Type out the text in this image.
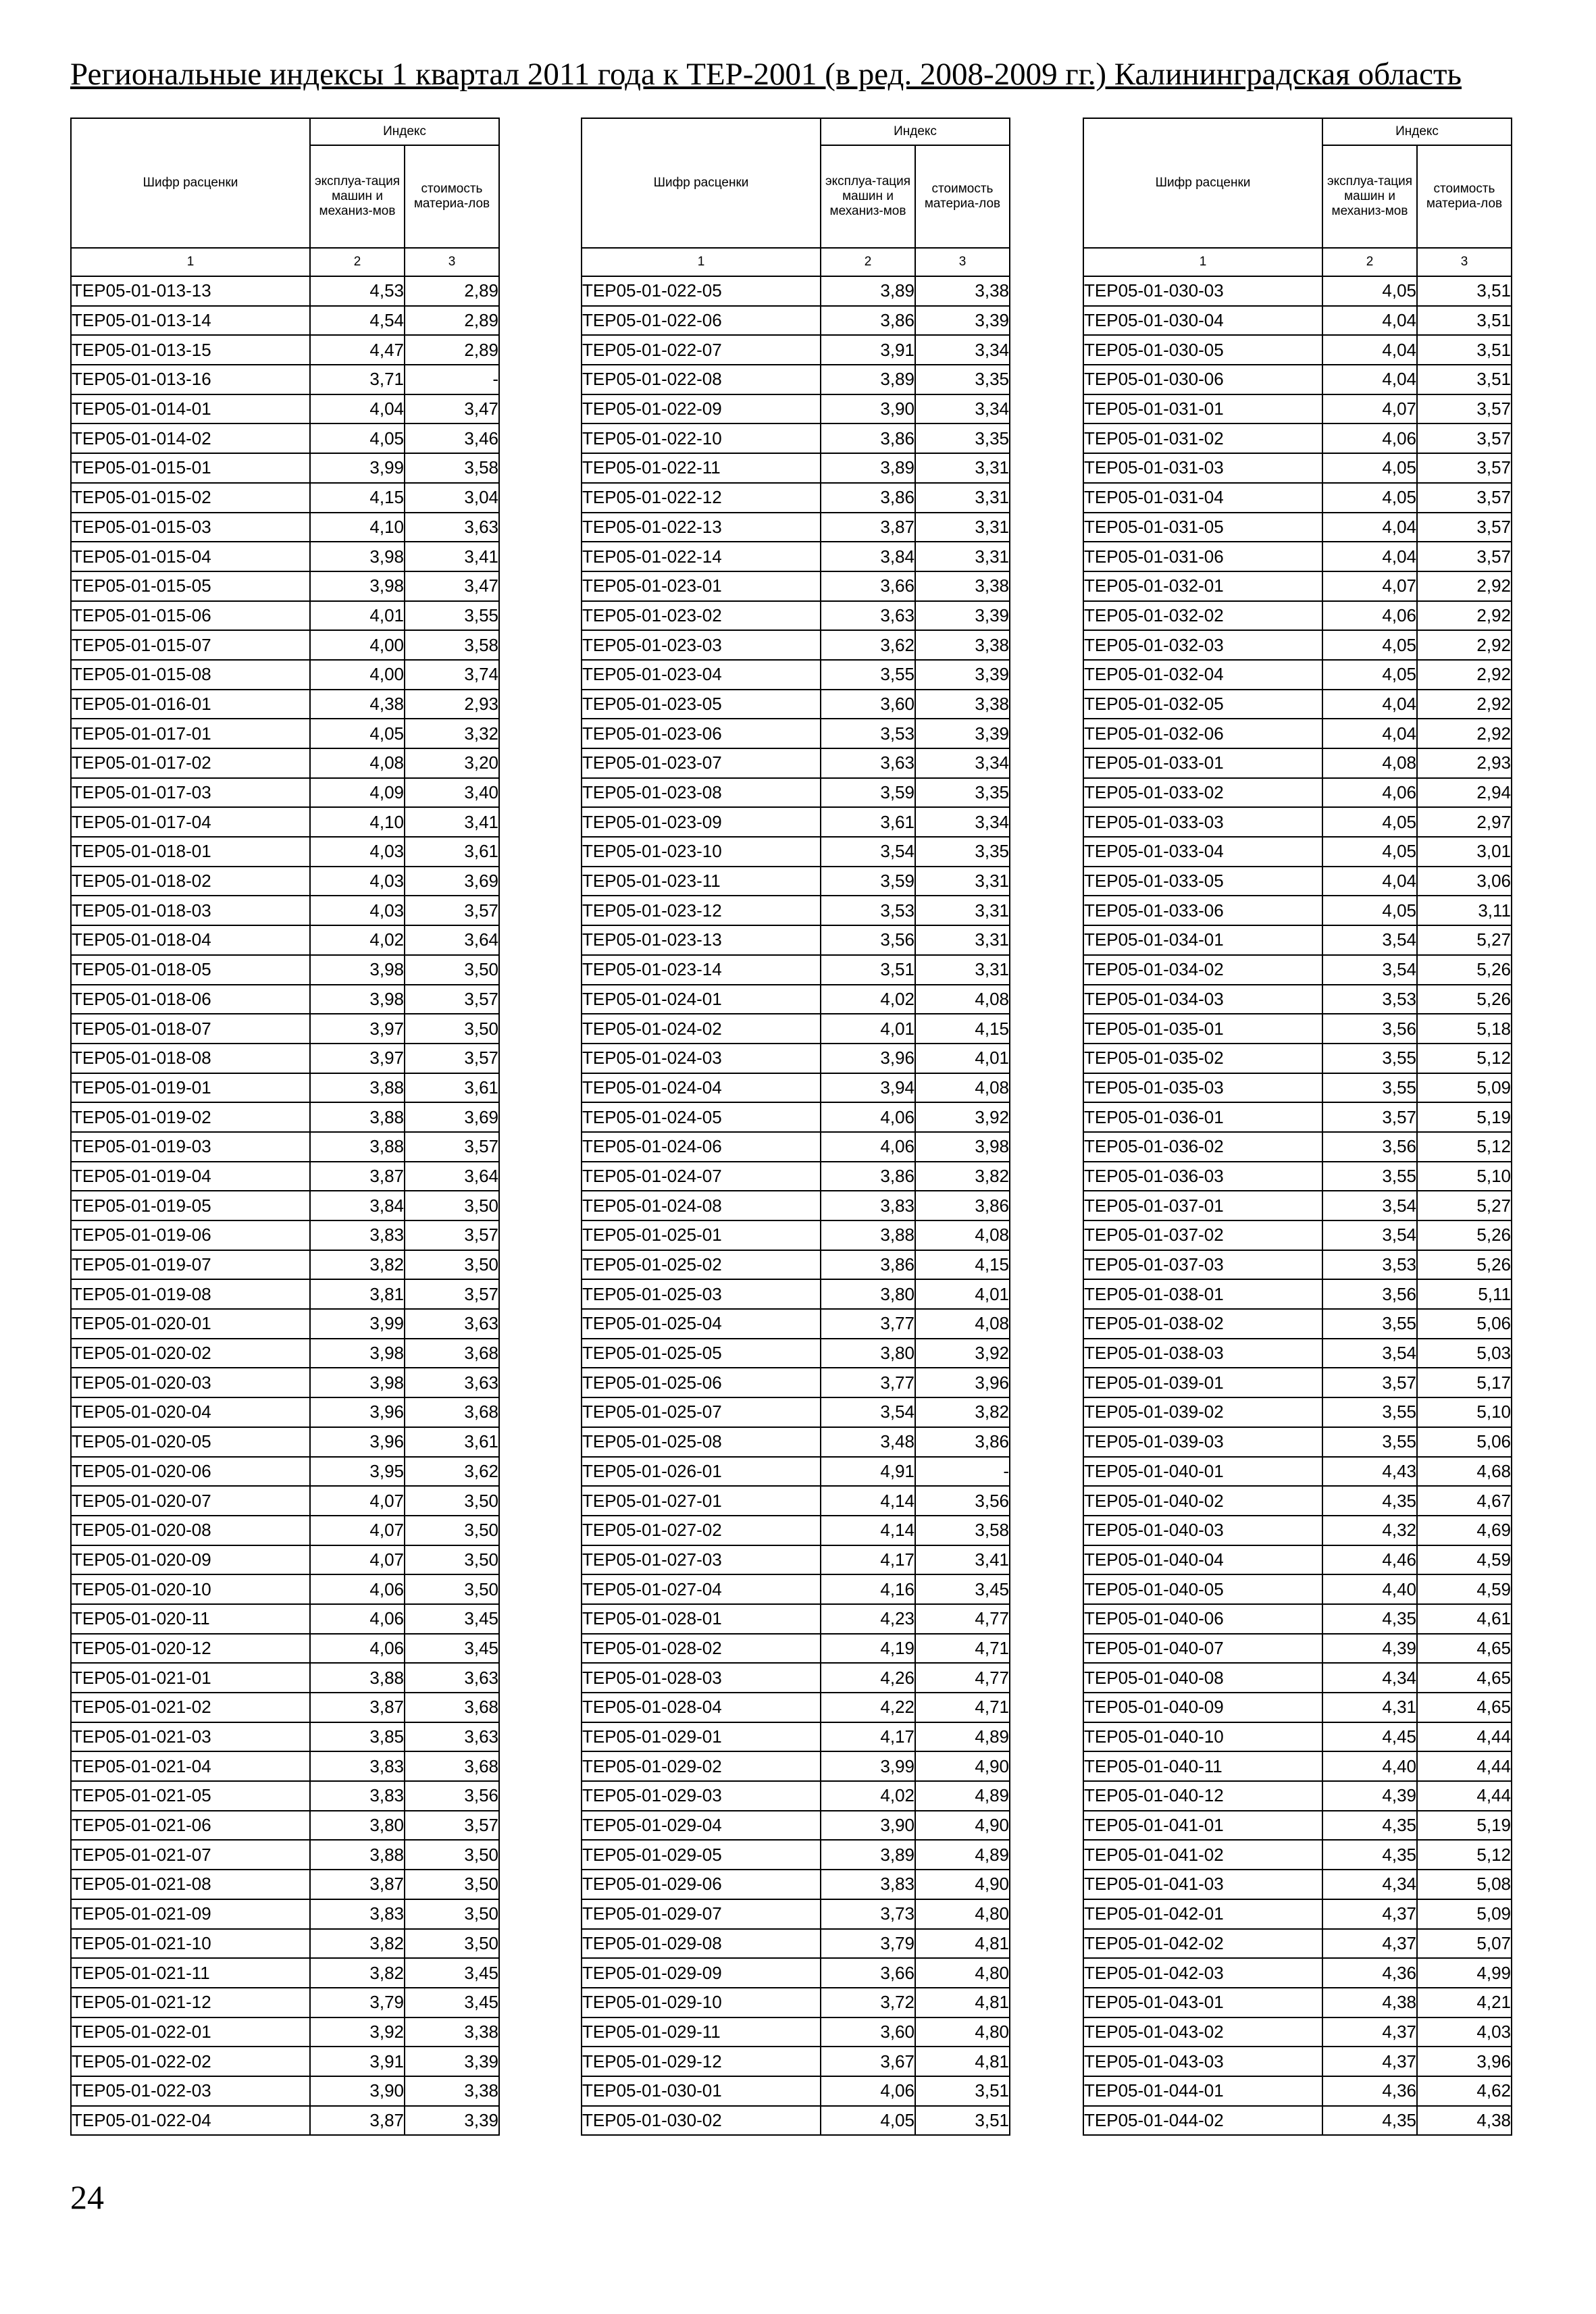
Региональные индексы 1 квартал 2011 года к ТЕР-2001 (в ред. 2008-2009 гг.) Калининградская область
Шифр расценки	Индекс	
	эксплуа-тация машин и механиз-мов	стоимость материа-лов
1	2	3
ТЕР05-01-013-13	4,53	2,89
ТЕР05-01-013-14	4,54	2,89
ТЕР05-01-013-15	4,47	2,89
ТЕР05-01-013-16	3,71	-
ТЕР05-01-014-01	4,04	3,47
ТЕР05-01-014-02	4,05	3,46
ТЕР05-01-015-01	3,99	3,58
ТЕР05-01-015-02	4,15	3,04
ТЕР05-01-015-03	4,10	3,63
ТЕР05-01-015-04	3,98	3,41
ТЕР05-01-015-05	3,98	3,47
ТЕР05-01-015-06	4,01	3,55
ТЕР05-01-015-07	4,00	3,58
ТЕР05-01-015-08	4,00	3,74
ТЕР05-01-016-01	4,38	2,93
ТЕР05-01-017-01	4,05	3,32
ТЕР05-01-017-02	4,08	3,20
ТЕР05-01-017-03	4,09	3,40
ТЕР05-01-017-04	4,10	3,41
ТЕР05-01-018-01	4,03	3,61
ТЕР05-01-018-02	4,03	3,69
ТЕР05-01-018-03	4,03	3,57
ТЕР05-01-018-04	4,02	3,64
ТЕР05-01-018-05	3,98	3,50
ТЕР05-01-018-06	3,98	3,57
ТЕР05-01-018-07	3,97	3,50
ТЕР05-01-018-08	3,97	3,57
ТЕР05-01-019-01	3,88	3,61
ТЕР05-01-019-02	3,88	3,69
ТЕР05-01-019-03	3,88	3,57
ТЕР05-01-019-04	3,87	3,64
ТЕР05-01-019-05	3,84	3,50
ТЕР05-01-019-06	3,83	3,57
ТЕР05-01-019-07	3,82	3,50
ТЕР05-01-019-08	3,81	3,57
ТЕР05-01-020-01	3,99	3,63
ТЕР05-01-020-02	3,98	3,68
ТЕР05-01-020-03	3,98	3,63
ТЕР05-01-020-04	3,96	3,68
ТЕР05-01-020-05	3,96	3,61
ТЕР05-01-020-06	3,95	3,62
ТЕР05-01-020-07	4,07	3,50
ТЕР05-01-020-08	4,07	3,50
ТЕР05-01-020-09	4,07	3,50
ТЕР05-01-020-10	4,06	3,50
ТЕР05-01-020-11	4,06	3,45
ТЕР05-01-020-12	4,06	3,45
ТЕР05-01-021-01	3,88	3,63
ТЕР05-01-021-02	3,87	3,68
ТЕР05-01-021-03	3,85	3,63
ТЕР05-01-021-04	3,83	3,68
ТЕР05-01-021-05	3,83	3,56
ТЕР05-01-021-06	3,80	3,57
ТЕР05-01-021-07	3,88	3,50
ТЕР05-01-021-08	3,87	3,50
ТЕР05-01-021-09	3,83	3,50
ТЕР05-01-021-10	3,82	3,50
ТЕР05-01-021-11	3,82	3,45
ТЕР05-01-021-12	3,79	3,45
ТЕР05-01-022-01	3,92	3,38
ТЕР05-01-022-02	3,91	3,39
ТЕР05-01-022-03	3,90	3,38
ТЕР05-01-022-04	3,87	3,39
Шифр расценки	Индекс	
	эксплуа-тация машин и механиз-мов	стоимость материа-лов
1	2	3
ТЕР05-01-022-05	3,89	3,38
ТЕР05-01-022-06	3,86	3,39
ТЕР05-01-022-07	3,91	3,34
ТЕР05-01-022-08	3,89	3,35
ТЕР05-01-022-09	3,90	3,34
ТЕР05-01-022-10	3,86	3,35
ТЕР05-01-022-11	3,89	3,31
ТЕР05-01-022-12	3,86	3,31
ТЕР05-01-022-13	3,87	3,31
ТЕР05-01-022-14	3,84	3,31
ТЕР05-01-023-01	3,66	3,38
ТЕР05-01-023-02	3,63	3,39
ТЕР05-01-023-03	3,62	3,38
ТЕР05-01-023-04	3,55	3,39
ТЕР05-01-023-05	3,60	3,38
ТЕР05-01-023-06	3,53	3,39
ТЕР05-01-023-07	3,63	3,34
ТЕР05-01-023-08	3,59	3,35
ТЕР05-01-023-09	3,61	3,34
ТЕР05-01-023-10	3,54	3,35
ТЕР05-01-023-11	3,59	3,31
ТЕР05-01-023-12	3,53	3,31
ТЕР05-01-023-13	3,56	3,31
ТЕР05-01-023-14	3,51	3,31
ТЕР05-01-024-01	4,02	4,08
ТЕР05-01-024-02	4,01	4,15
ТЕР05-01-024-03	3,96	4,01
ТЕР05-01-024-04	3,94	4,08
ТЕР05-01-024-05	4,06	3,92
ТЕР05-01-024-06	4,06	3,98
ТЕР05-01-024-07	3,86	3,82
ТЕР05-01-024-08	3,83	3,86
ТЕР05-01-025-01	3,88	4,08
ТЕР05-01-025-02	3,86	4,15
ТЕР05-01-025-03	3,80	4,01
ТЕР05-01-025-04	3,77	4,08
ТЕР05-01-025-05	3,80	3,92
ТЕР05-01-025-06	3,77	3,96
ТЕР05-01-025-07	3,54	3,82
ТЕР05-01-025-08	3,48	3,86
ТЕР05-01-026-01	4,91	-
ТЕР05-01-027-01	4,14	3,56
ТЕР05-01-027-02	4,14	3,58
ТЕР05-01-027-03	4,17	3,41
ТЕР05-01-027-04	4,16	3,45
ТЕР05-01-028-01	4,23	4,77
ТЕР05-01-028-02	4,19	4,71
ТЕР05-01-028-03	4,26	4,77
ТЕР05-01-028-04	4,22	4,71
ТЕР05-01-029-01	4,17	4,89
ТЕР05-01-029-02	3,99	4,90
ТЕР05-01-029-03	4,02	4,89
ТЕР05-01-029-04	3,90	4,90
ТЕР05-01-029-05	3,89	4,89
ТЕР05-01-029-06	3,83	4,90
ТЕР05-01-029-07	3,73	4,80
ТЕР05-01-029-08	3,79	4,81
ТЕР05-01-029-09	3,66	4,80
ТЕР05-01-029-10	3,72	4,81
ТЕР05-01-029-11	3,60	4,80
ТЕР05-01-029-12	3,67	4,81
ТЕР05-01-030-01	4,06	3,51
ТЕР05-01-030-02	4,05	3,51
Шифр расценки	Индекс	
	эксплуа-тация машин и механиз-мов	стоимость материа-лов
1	2	3
ТЕР05-01-030-03	4,05	3,51
ТЕР05-01-030-04	4,04	3,51
ТЕР05-01-030-05	4,04	3,51
ТЕР05-01-030-06	4,04	3,51
ТЕР05-01-031-01	4,07	3,57
ТЕР05-01-031-02	4,06	3,57
ТЕР05-01-031-03	4,05	3,57
ТЕР05-01-031-04	4,05	3,57
ТЕР05-01-031-05	4,04	3,57
ТЕР05-01-031-06	4,04	3,57
ТЕР05-01-032-01	4,07	2,92
ТЕР05-01-032-02	4,06	2,92
ТЕР05-01-032-03	4,05	2,92
ТЕР05-01-032-04	4,05	2,92
ТЕР05-01-032-05	4,04	2,92
ТЕР05-01-032-06	4,04	2,92
ТЕР05-01-033-01	4,08	2,93
ТЕР05-01-033-02	4,06	2,94
ТЕР05-01-033-03	4,05	2,97
ТЕР05-01-033-04	4,05	3,01
ТЕР05-01-033-05	4,04	3,06
ТЕР05-01-033-06	4,05	3,11
ТЕР05-01-034-01	3,54	5,27
ТЕР05-01-034-02	3,54	5,26
ТЕР05-01-034-03	3,53	5,26
ТЕР05-01-035-01	3,56	5,18
ТЕР05-01-035-02	3,55	5,12
ТЕР05-01-035-03	3,55	5,09
ТЕР05-01-036-01	3,57	5,19
ТЕР05-01-036-02	3,56	5,12
ТЕР05-01-036-03	3,55	5,10
ТЕР05-01-037-01	3,54	5,27
ТЕР05-01-037-02	3,54	5,26
ТЕР05-01-037-03	3,53	5,26
ТЕР05-01-038-01	3,56	5,11
ТЕР05-01-038-02	3,55	5,06
ТЕР05-01-038-03	3,54	5,03
ТЕР05-01-039-01	3,57	5,17
ТЕР05-01-039-02	3,55	5,10
ТЕР05-01-039-03	3,55	5,06
ТЕР05-01-040-01	4,43	4,68
ТЕР05-01-040-02	4,35	4,67
ТЕР05-01-040-03	4,32	4,69
ТЕР05-01-040-04	4,46	4,59
ТЕР05-01-040-05	4,40	4,59
ТЕР05-01-040-06	4,35	4,61
ТЕР05-01-040-07	4,39	4,65
ТЕР05-01-040-08	4,34	4,65
ТЕР05-01-040-09	4,31	4,65
ТЕР05-01-040-10	4,45	4,44
ТЕР05-01-040-11	4,40	4,44
ТЕР05-01-040-12	4,39	4,44
ТЕР05-01-041-01	4,35	5,19
ТЕР05-01-041-02	4,35	5,12
ТЕР05-01-041-03	4,34	5,08
ТЕР05-01-042-01	4,37	5,09
ТЕР05-01-042-02	4,37	5,07
ТЕР05-01-042-03	4,36	4,99
ТЕР05-01-043-01	4,38	4,21
ТЕР05-01-043-02	4,37	4,03
ТЕР05-01-043-03	4,37	3,96
ТЕР05-01-044-01	4,36	4,62
ТЕР05-01-044-02	4,35	4,38
24
